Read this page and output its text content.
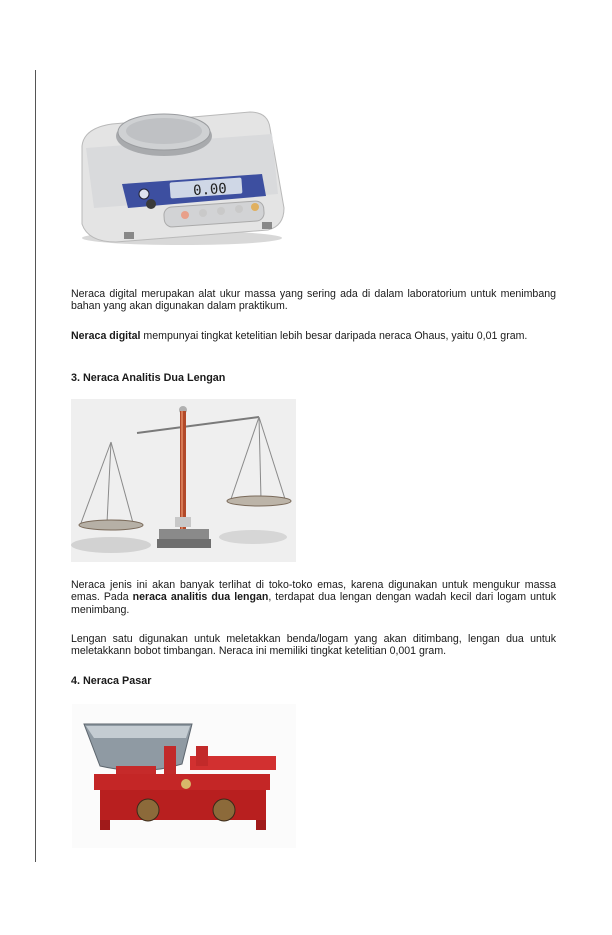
0.00

Neraca digital merupakan alat ukur massa yang sering ada di dalam laboratorium untuk menimbang bahan yang akan digunakan dalam praktikum.

Neraca digital mempunyai tingkat ketelitian lebih besar daripada neraca Ohaus, yaitu 0,01 gram.

3. Neraca Analitis Dua Lengan

Neraca jenis ini akan banyak terlihat di toko-toko emas, karena digunakan untuk mengukur massa emas. Pada neraca analitis dua lengan, terdapat dua lengan dengan wadah kecil dari logam untuk menimbang.

Lengan satu digunakan untuk meletakkan benda/logam yang akan ditimbang, lengan dua untuk meletakkann bobot timbangan. Neraca ini memiliki tingkat ketelitian 0,001 gram.

4. Neraca Pasar
